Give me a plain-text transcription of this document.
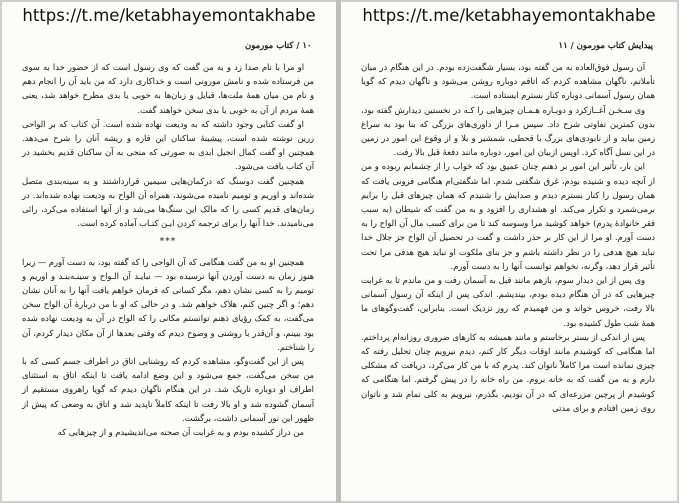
https://t.me/ketabhayemontakhabe
۱۰ / کتاب مورمون

او مرا با نام صدا زد و به من گفت که وی رسول است که از حضور خدا به سوی من فرستاده شده و نامش مورونی است و خداکاری دارد که من باید آن را انجام دهم و نام من میان همهٔ ملت‌ها، قبایل و زبان‌ها به خوبی یا بدی مطرح خواهد شد، یعنی همهٔ مردم از آن به خوبی یا بدی سخن خواهند گفت.

او گفت کتابی وجود داشته که به ودیعت نهاده شده است. آن کتاب که بر الواحی زرین نوشته شده است، پیشینهٔ ساکنان این قاره و ریشه آنان را شرح می‌دهد. همچنین او گفت کمال انجیل ابدی به صورتی که منجی به آن ساکنان قدیم بخشید در آن کتاب یافت می‌شود.

همچنین گفت دوسنگ که درکمان‌هایی سیمین قرارداشتند و به سینه‌بندی متصل شده‌اند و اوریم و تومیم نامیده می‌شوند، همراه آن الواح به ودیعت نهاده شده‌اند. در زمان‌های قدیم کسی را که مالک این سنگ‌ها می‌شد و از آنها استفاده می‌کرد، رائی می‌نامیدند. خدا آنها را برای ترجمه کردن ایـن کتـاب آماده کرده است.

***

همچنین او به من گفت هنگامی که آن الواحی را که گفته بود، به دست آورم — زیرا هنوز زمان به دست آوردن آنها نرسیده بود — نبایـد آن الـواح و سینـه‌بنـد و اوریم و تومیم را به کسی نشان دهم، مگر کسانی که فرمان خواهم یافت آنها را به آنان نشان دهم؛ و اگر چنین کنم، هلاک خواهم شد. و در حالی که او با من دربارهٔ آن الواح سخن می‌گفت، به کمک رؤیای ذهنم توانستم مکانی را که الواح در آن به ودیعت نهاده شده بود ببینم، و آن‌قدر با روشنی و وضوح دیدم که وقتی بعدها از آن مکان دیدار کردم، آن را شناختم.

پس از این گفت‌وگو، مشاهده کردم که روشنایی اتاق در اطراف جسم کسی که با من سخن می‌گفت، جمع می‌شود و این وضع ادامه یافت تا اینکه اتاق به استثنای اطراف او دوباره تاریک شد. در این هنگام ناگهان دیدم که گویا راهروی مستقیم از آسمان گشوده شد و او بالا رفت تا اینکه کاملاً ناپدید شد و اتاق به وضعی که پیش از ظهور این نور آسمانی داشت، برگشت.

من دراز کشیده بودم و به غرابت آن صحنه می‌اندیشیدم و از چیزهایی که

https://t.me/ketabhayemontakhabe
پیدایش کتاب مورمون / ۱۱

آن رسول فوق‌العاده به من گفته بود، بسیار شگفت‌زده بودم. در این هنگام در میان تأملاتم، ناگهان مشاهده کردم که اتاقم دوباره روشن می‌شود و ناگهان دیدم که گویا همان رسول آسمانی دوباره کنار بسترم ایستاده است.

وی سـخـن آغــازکرد و دوبـاره هـمـان چیزهایی را کـه در نخستین دیدارش گفته بود، بدون کمترین تفاوتی شرح داد. سپس مـرا از داوری‌های بزرگی که بنا بود به سراغ زمین بیاید و از نابودی‌های بزرگ با قحطی، شمشیر و بلا و از وقوع این امور در زمین در این نسل آگاه کرد. اوپس ازبیان این امور، دوباره مانند دفعهٔ قبل بالا رفت.

این بار، تأثیر این امور بر ذهنم چنان عمیق بود که خواب را از چشمانم ربوده و من از آنچه دیده و شنیده بودم، غرق شگفتی شدم. اما شگفتی‌ام هنگامی فزونی یافت که همان رسول را کنار بسترم دیدم و صدایش را شنیدم که همان چیزهای قبل را برایم برمی‌شمرد و تکرار می‌کند. او هشداری را افزود و به من گفت که شیطان (به سبب فقر خانوادهٔ پدرم) خواهد کوشید مرا وسوسه کند تا من برای کسب مال آن الواح را به دست آورم. او مرا از این کار بر حذر داشت و گفت در تحصیل آن الواح جز جلال خدا نباید هیچ هدفی را در نظر داشته باشم و جز بنای ملکوت او نباید هیچ هدفی مرا تحت تأثیر قرار دهد، وگرنه، نخواهم توانست آنها را به دست آورم.

وی پس از این دیدار سوم، بازهم مانند قبل به آسمان رفت و من ماندم تا به غرابت چیزهایی که در آن هنگام دیده بودم، بیندیشم. اندکی پس از اینکه آن رسول آسمانی بالا رفت، خروس خواند و من فهمیدم که روز نزدیک است. بنابراین، گفت‌وگوهای ما همهٔ شب طول کشیده بود.

پس از اندکی از بستر برخاستم و مانند همیشه به کارهای ضروری روزانه‌ام پرداختم. اما هنگامی که کوشیدم مانند اوقات دیگر کار کنم، دیدم نیرویم چنان تحلیل رفته که چیزی نمانده است مرا کاملاً ناتوان کند. پدرم که با من کار می‌کرد، دریافت که مشکلی دارم و به من گفت که به خانه بروم. من راه خانه را در پیش گرفتم. اما هنگامی که کوشیدم از پرچین مزرعه‌ای که در آن بودیم، بگذرم، نیرویم به کلی تمام شد و ناتوان روی زمین افتادم و برای مدتی
